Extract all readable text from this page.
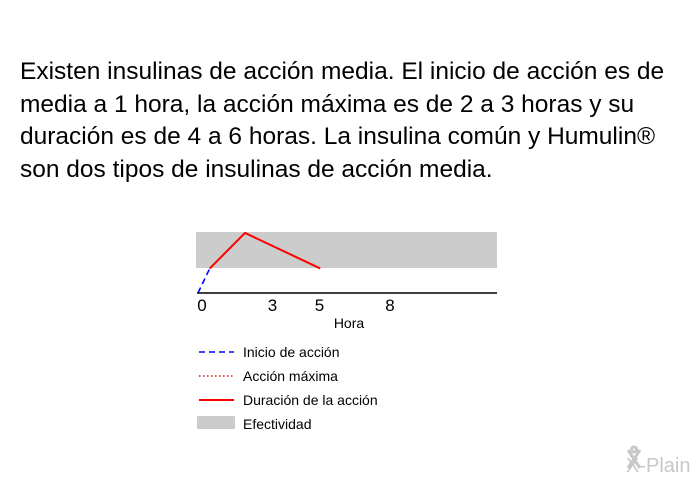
Existen insulinas de acción media. El inicio de acción es de media a 1 hora, la acción máxima es de 2 a 3 horas y su duración es de 4 a 6 horas. La insulina común y Humulin® son dos tipos de insulinas de acción media.

0	3 5	8
Hora
Inicio de acción
Acción máxima
Duración de la acción
Efectividad
X-Plain
